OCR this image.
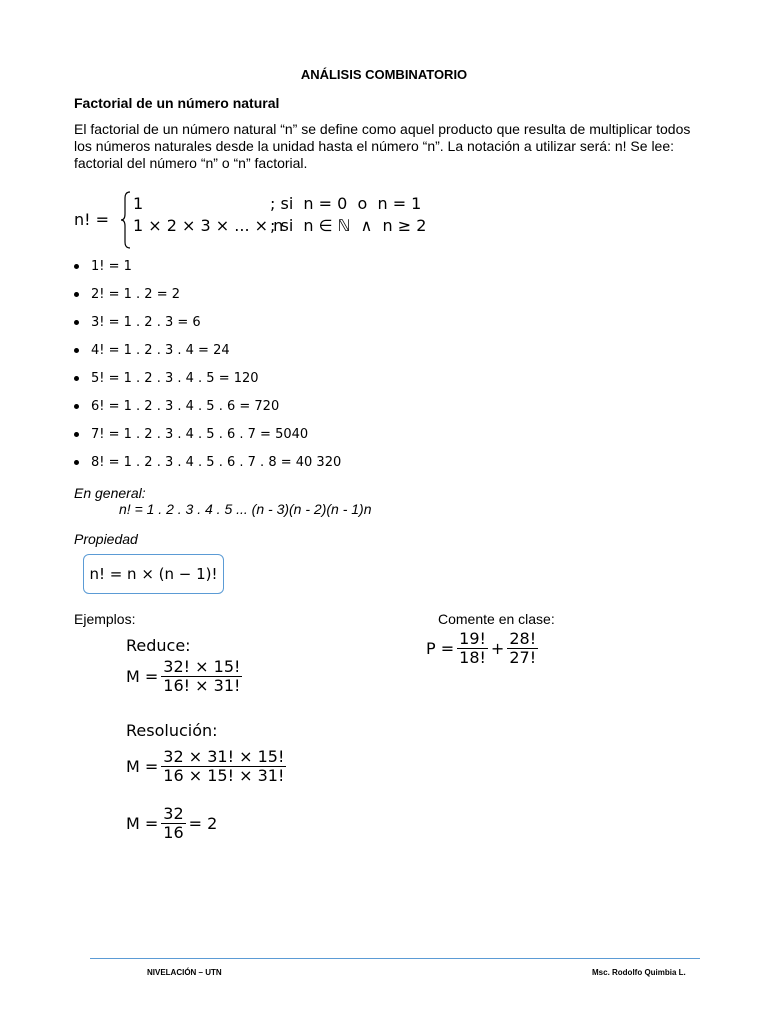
ANÁLISIS COMBINATORIO
Factorial de un número natural

El factorial de un número natural “n” se define como aquel producto que resulta de multiplicar todos los números naturales desde la unidad hasta el número “n”. La notación a utilizar será: n! Se lee: factorial del número “n” o “n” factorial.

n! =
1	; si  n = 0  o  n = 1
1 × 2 × 3 × ... × n
; si  n ∈ ℕ  ∧  n ≥ 2
1! = 1
2! = 1 . 2 = 2
3! = 1 . 2 . 3 = 6
4! = 1 . 2 . 3 . 4 = 24
5! = 1 . 2 . 3 . 4 . 5 = 120
6! = 1 . 2 . 3 . 4 . 5 . 6 = 720
7! = 1 . 2 . 3 . 4 . 5 . 6 . 7 = 5040
8! = 1 . 2 . 3 . 4 . 5 . 6 . 7 . 8 = 40 320
En general:
n! = 1 . 2 . 3 . 4 . 5 ... (n - 3)(n - 2)(n - 1)n
Propiedad
n! = n × (n − 1)!
Ejemplos:	Comente en clase:
Reduce:
$M = \frac{32! \times 15!}{16! \times 31!}$
Resolución:
$M = \frac{32 \times 31! \times 15!}{16 \times 15! \times 31!}$
$M = \frac{32}{16} = 2$
$P = \frac{19!}{18!} + \frac{28!}{27!}$
NIVELACIÓN – UTN	Msc. Rodolfo Quimbia L.
